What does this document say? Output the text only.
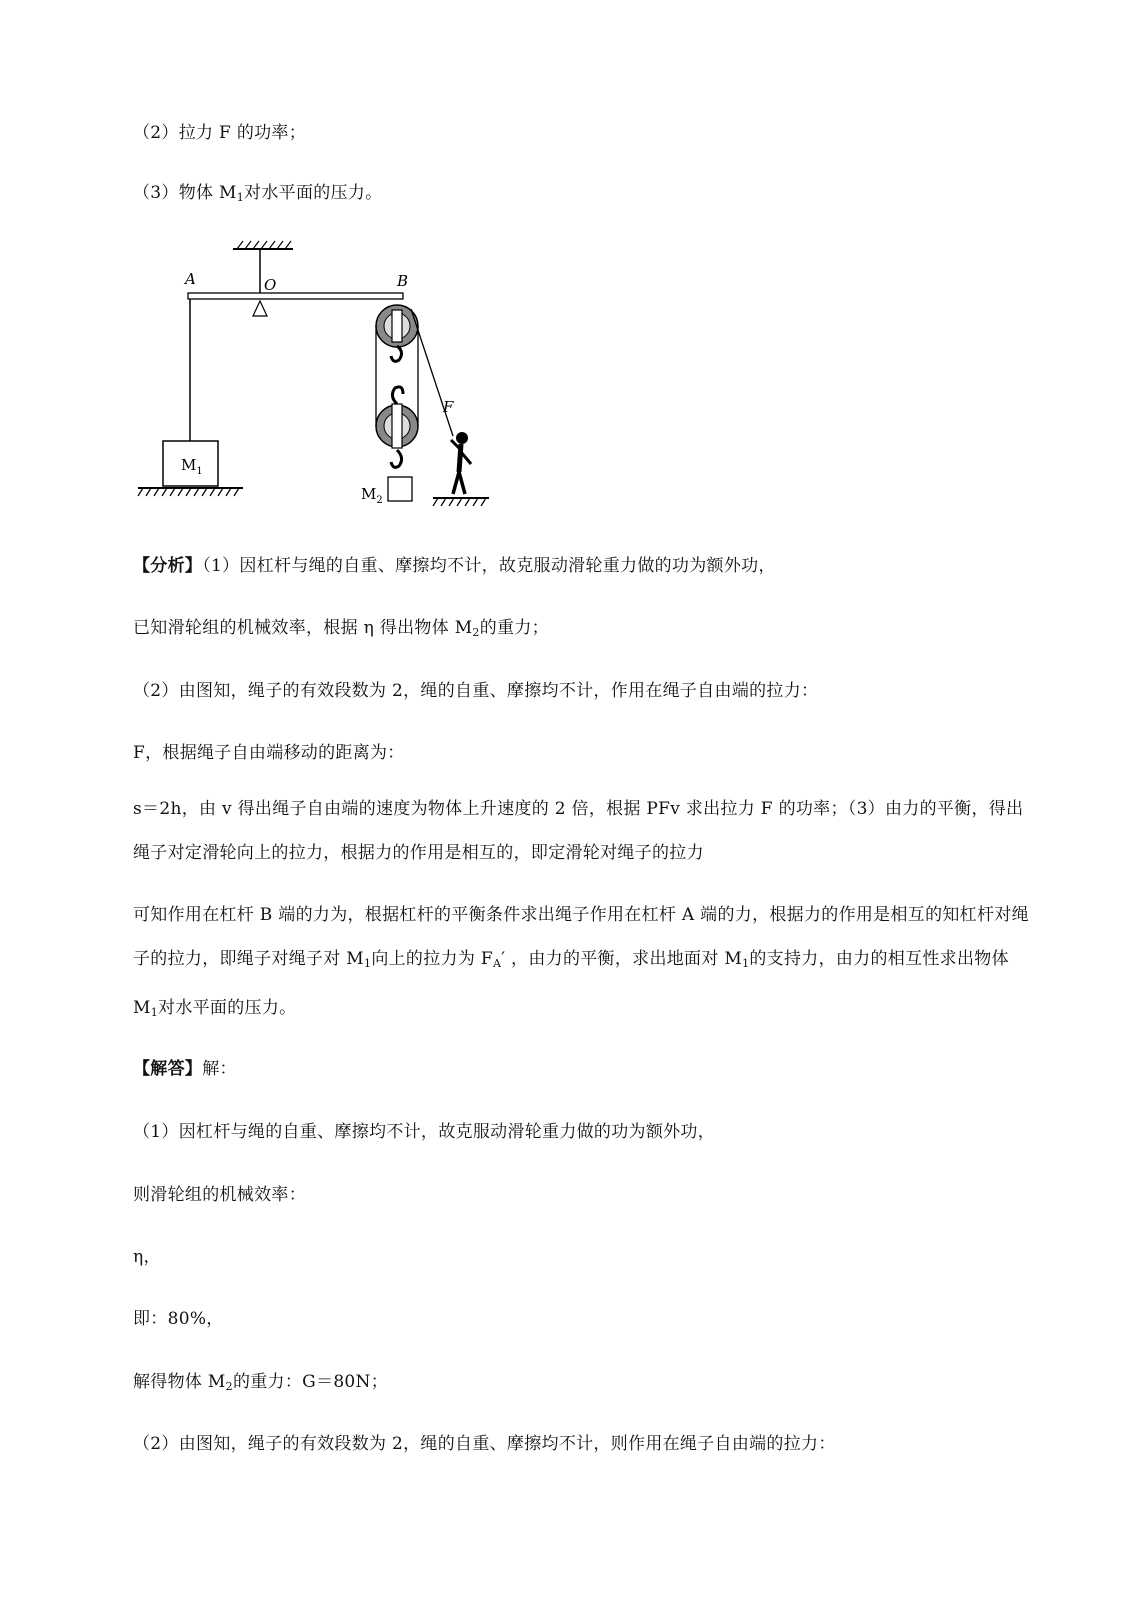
（2）拉力 F 的功率；
（3）物体 $M_1$对水平面的压力。
A	O	B
$M_1$
F
$M_2$
【分析】（1）因杠杆与绳的自重、摩擦均不计，故克服动滑轮重力做的功为额外功，
已知滑轮组的机械效率，根据 η 得出物体 $M_2$的重力；
（2）由图知，绳子的有效段数为 2，绳的自重、摩擦均不计，作用在绳子自由端的拉力：
F，根据绳子自由端移动的距离为：
s＝2h，由 v 得出绳子自由端的速度为物体上升速度的 2 倍，根据 PFv 求出拉力 F 的功率；（3）由力的平衡，得出绳子对定滑轮向上的拉力，根据力的作用是相互的，即定滑轮对绳子的拉力
可知作用在杠杆 B 端的力为，根据杠杆的平衡条件求出绳子作用在杠杆 A 端的力，根据力的作用是相互的知杠杆对绳子的拉力，即绳子对绳子对 $M_1$向上的拉力为 $F_A'$ ，由力的平衡，求出地面对 $M_1$的支持力，由力的相互性求出物体 $M_1$对水平面的压力。
【解答】解：
（1）因杠杆与绳的自重、摩擦均不计，故克服动滑轮重力做的功为额外功，
则滑轮组的机械效率：
η，
即：80%，
解得物体 $M_2$的重力：G＝80N；
（2）由图知，绳子的有效段数为 2，绳的自重、摩擦均不计，则作用在绳子自由端的拉力：
